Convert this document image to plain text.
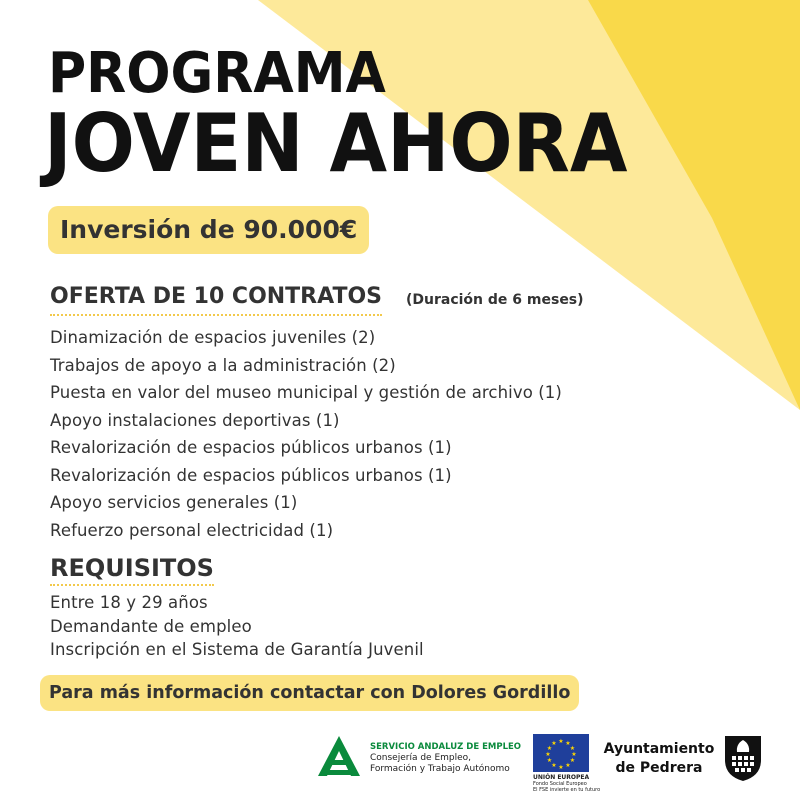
PROGRAMA
JOVEN AHORA
Inversión de 90.000€
OFERTA DE 10 CONTRATOS (Duración de 6 meses)
Dinamización de espacios juveniles (2)
Trabajos de apoyo a la administración (2)
Puesta en valor del museo municipal y gestión de archivo (1)
Apoyo instalaciones deportivas (1)
Revalorización de espacios públicos urbanos (1)
Revalorización de espacios públicos urbanos (1)
Apoyo servicios generales (1)
Refuerzo personal electricidad (1)
REQUISITOS
Entre 18 y 29 años
Demandante de empleo
Inscripción en el Sistema de Garantía Juvenil
Para más información contactar con Dolores Gordillo
SERVICIO ANDALUZ DE EMPLEO
Consejería de Empleo,
Formación y Trabajo Autónomo
★ ★
★
★
★
★
★
★
★
★
★
★
UNIÓN EUROPEA
Fondo Social Europeo
El FSE invierte en tu futuro
Ayuntamiento
de Pedrera
